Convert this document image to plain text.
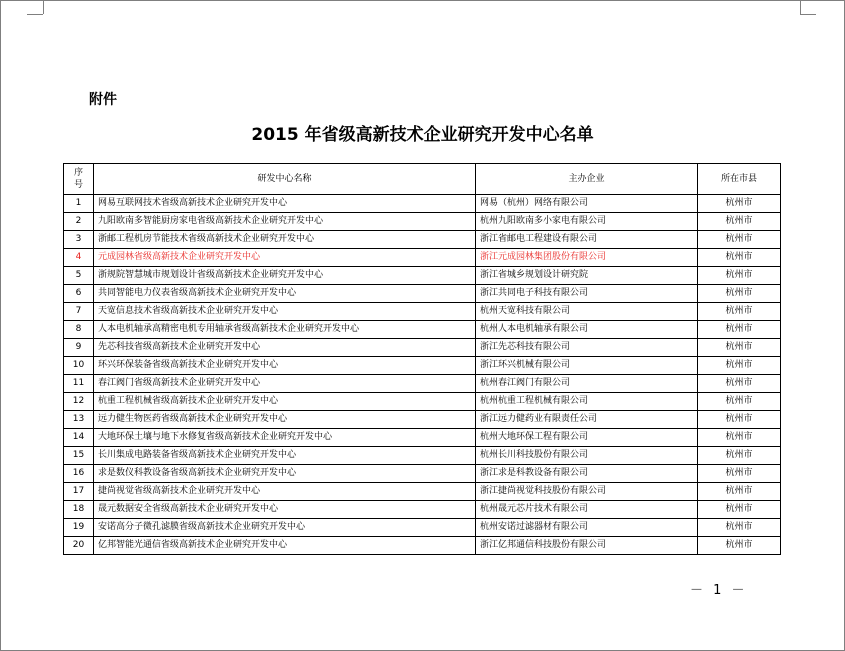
附件
2015 年省级高新技术企业研究开发中心名单
序
号	研发中心名称	主办企业	所在市县
1	网易互联网技术省级高新技术企业研究开发中心	网易（杭州）网络有限公司	杭州市
2	九阳欧南多智能厨房家电省级高新技术企业研究开发中心	杭州九阳欧南多小家电有限公司	杭州市
3	浙邮工程机房节能技术省级高新技术企业研究开发中心	浙江省邮电工程建设有限公司	杭州市
4	元成园林省级高新技术企业研究开发中心	浙江元成园林集团股份有限公司	杭州市
5	浙规院智慧城市规划设计省级高新技术企业研究开发中心	浙江省城乡规划设计研究院	杭州市
6	共同智能电力仪表省级高新技术企业研究开发中心	浙江共同电子科技有限公司	杭州市
7	天宽信息技术省级高新技术企业研究开发中心	杭州天宽科技有限公司	杭州市
8	人本电机轴承高精密电机专用轴承省级高新技术企业研究开发中心	杭州人本电机轴承有限公司	杭州市
9	先芯科技省级高新技术企业研究开发中心	浙江先芯科技有限公司	杭州市
10	环兴环保装备省级高新技术企业研究开发中心	浙江环兴机械有限公司	杭州市
11	春江阀门省级高新技术企业研究开发中心	杭州春江阀门有限公司	杭州市
12	杭重工程机械省级高新技术企业研究开发中心	杭州杭重工程机械有限公司	杭州市
13	远力健生物医药省级高新技术企业研究开发中心	浙江远力健药业有限责任公司	杭州市
14	大地环保土壤与地下水修复省级高新技术企业研究开发中心	杭州大地环保工程有限公司	杭州市
15	长川集成电路装备省级高新技术企业研究开发中心	杭州长川科技股份有限公司	杭州市
16	求是数仪科教设备省级高新技术企业研究开发中心	浙江求是科教设备有限公司	杭州市
17	捷尚视觉省级高新技术企业研究开发中心	浙江捷尚视觉科技股份有限公司	杭州市
18	晟元数据安全省级高新技术企业研究开发中心	杭州晟元芯片技术有限公司	杭州市
19	安诺高分子微孔滤膜省级高新技术企业研究开发中心	杭州安诺过滤器材有限公司	杭州市
20	亿邦智能光通信省级高新技术企业研究开发中心	浙江亿邦通信科技股份有限公司	杭州市
－ 1 －
